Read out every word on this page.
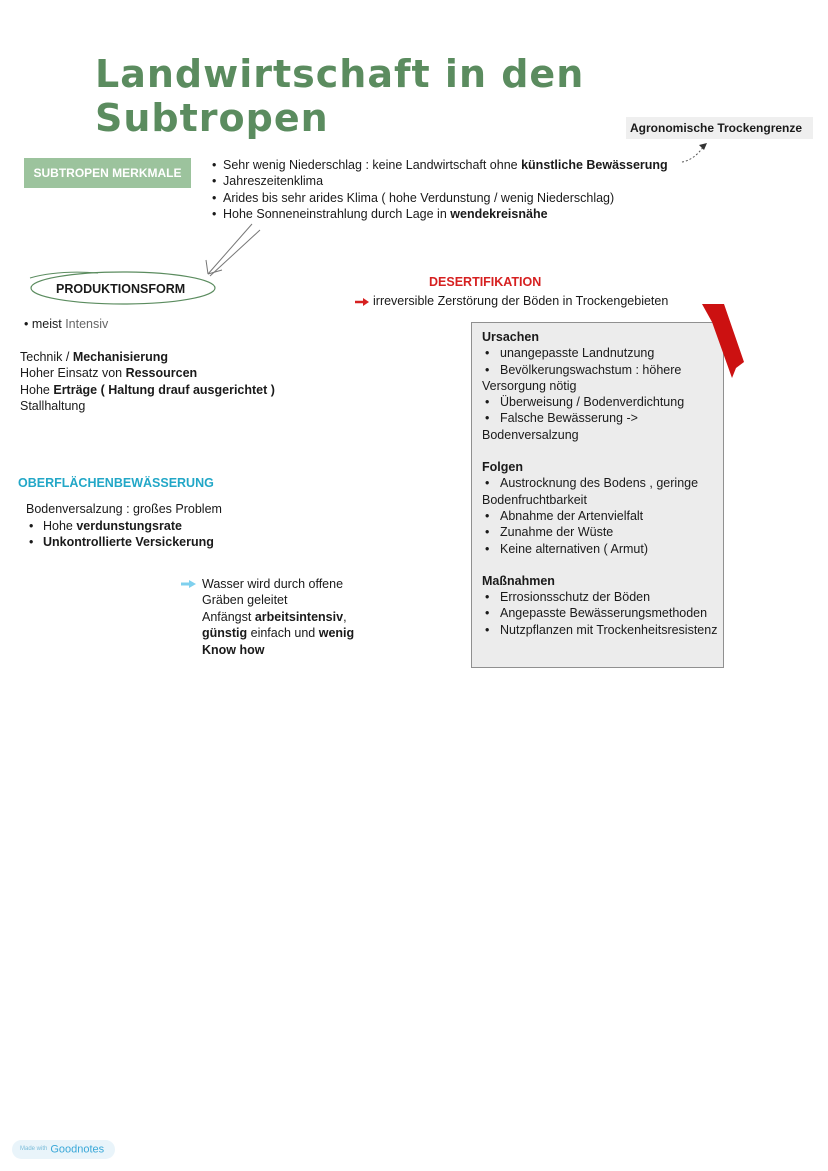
Landwirtschaft in den Subtropen	Agronomische Trockengrenze
SUBTROPEN MERKMALE
• Sehr wenig Niederschlag : keine Landwirtschaft ohne künstliche Bewässerung
• Jahreszeitenklima
• Arides bis sehr arides Klima ( hohe Verdunstung / wenig Niederschlag)
• Hohe Sonneneinstrahlung durch Lage in wendekreisnähe
PRODUKTIONSFORM
• meist Intensiv
Technik / Mechanisierung
Hoher Einsatz von Ressourcen
Hohe Erträge ( Haltung drauf ausgerichtet )
Stallhaltung
DESERTIFIKATION
irreversible Zerstörung der Böden in Trockengebieten
Ursachen
• unangepasste Landnutzung
• Bevölkerungswachstum : höhere Versorgung nötig
• Überweisung / Bodenverdichtung
• Falsche Bewässerung -> Bodenversalzung
Folgen
• Austrocknung des Bodens , geringe Bodenfruchtbarkeit
• Abnahme der Artenvielfalt
• Zunahme der Wüste
• Keine alternativen ( Armut)
Maßnahmen
• Errosionsschutz der Böden
• Angepasste Bewässerungsmethoden
• Nutzpflanzen mit Trockenheitsresistenz
OBERFLÄCHENBEWÄSSERUNG
Bodenversalzung : großes Problem
• Hohe verdunstungsrate
• Unkontrollierte Versickerung
Wasser wird durch offene Gräben geleitet
Anfängst arbeitsintensiv,
günstig einfach und wenig Know how
Made with Goodnotes
